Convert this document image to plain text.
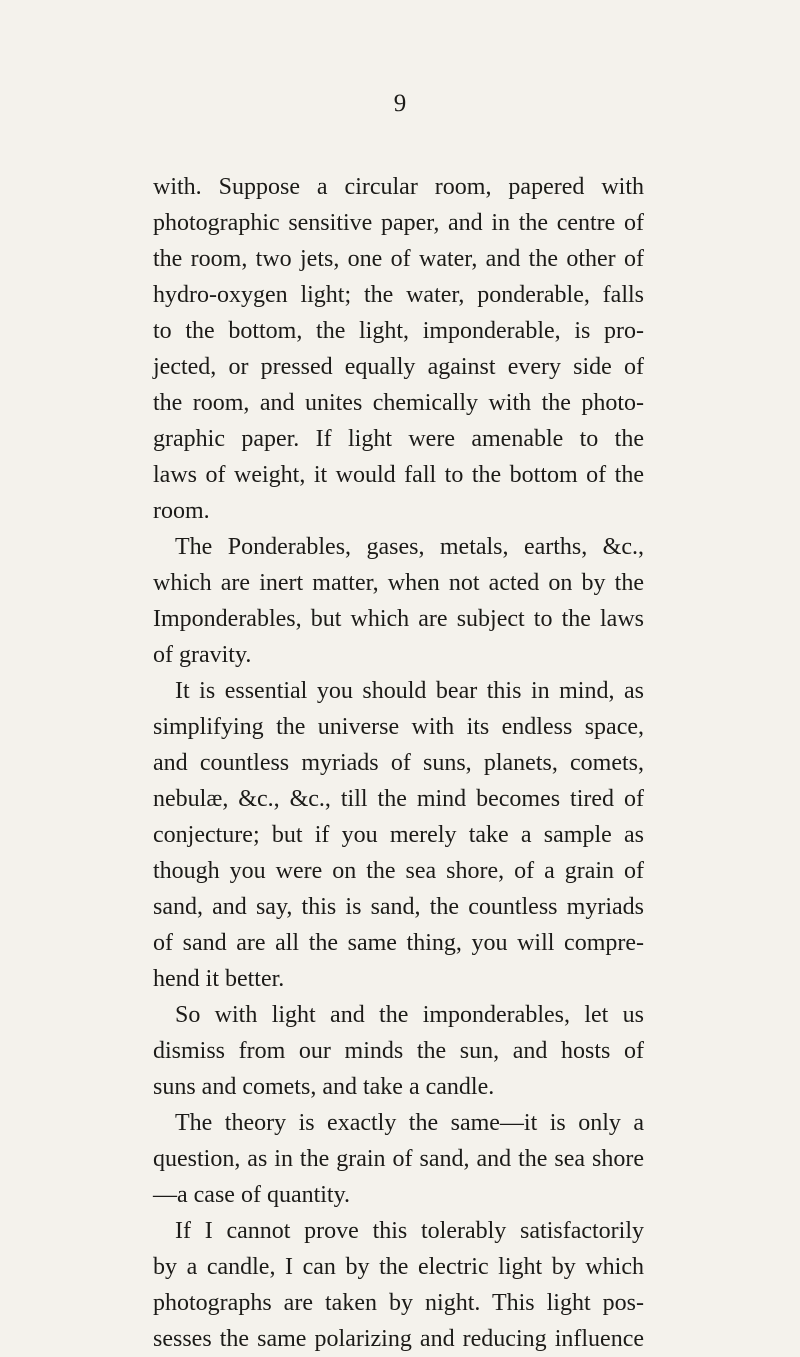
9
with. Suppose a circular room, papered with
photographic sensitive paper, and in the centre of
the room, two jets, one of water, and the other of
hydro-oxygen light; the water, ponderable, falls
to the bottom, the light, imponderable, is pro-
jected, or pressed equally against every side of
the room, and unites chemically with the photo-
graphic paper. If light were amenable to the
laws of weight, it would fall to the bottom of the
room.
The Ponderables, gases, metals, earths, &c.,
which are inert matter, when not acted on by the
Imponderables, but which are subject to the laws
of gravity.
It is essential you should bear this in mind, as
simplifying the universe with its endless space,
and countless myriads of suns, planets, comets,
nebulæ, &c., &c., till the mind becomes tired of
conjecture; but if you merely take a sample as
though you were on the sea shore, of a grain of
sand, and say, this is sand, the countless myriads
of sand are all the same thing, you will compre-
hend it better.
So with light and the imponderables, let us
dismiss from our minds the sun, and hosts of
suns and comets, and take a candle.
The theory is exactly the same—it is only a
question, as in the grain of sand, and the sea shore
—a case of quantity.
If I cannot prove this tolerably satisfactorily
by a candle, I can by the electric light by which
photographs are taken by night. This light pos-
sesses the same polarizing and reducing influence
